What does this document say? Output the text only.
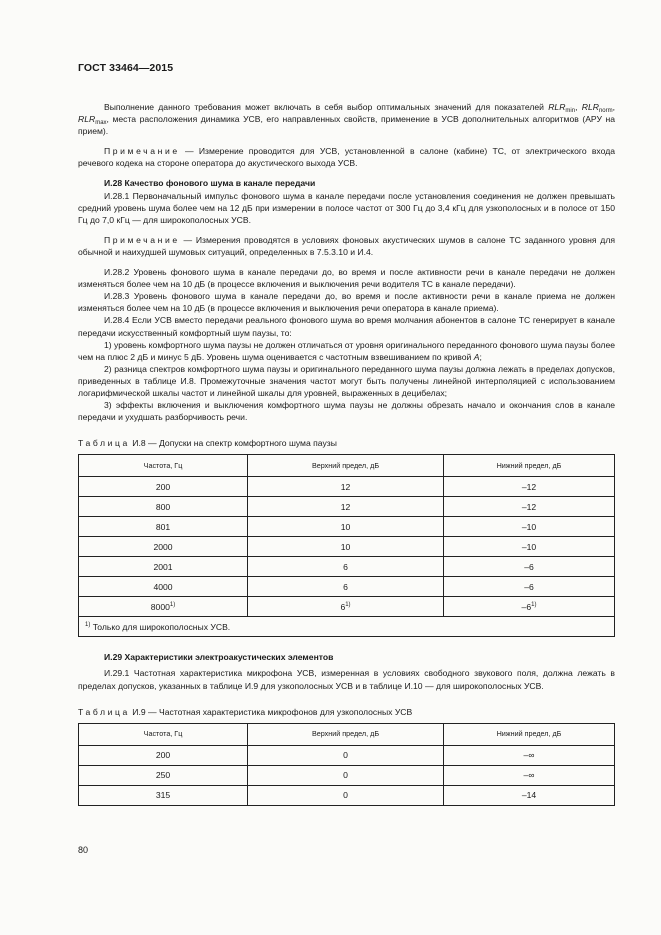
ГОСТ 33464—2015

Выполнение данного требования может включать в себя выбор оптимальных значений для показателей $RLR_{min}$, $RLR_{norm}$, $RLR_{max}$, места расположения динамика УСВ, его направленных свойств, применение в УСВ дополнительных алгоритмов (АРУ на прием).

Примечание — Измерение проводится для УСВ, установленной в салоне (кабине) ТС, от электрического входа речевого кодека на стороне оператора до акустического выхода УСВ.

И.28 Качество фонового шума в канале передачи

И.28.1 Первоначальный импульс фонового шума в канале передачи после установления соединения не должен превышать средний уровень шума более чем на 12 дБ при измерении в полосе частот от 300 Гц до 3,4 кГц для узкополосных и в полосе от 150 Гц до 7,0 кГц — для широкополосных УСВ.

Примечание — Измерения проводятся в условиях фоновых акустических шумов в салоне ТС заданного уровня для обычной и наихудшей шумовых ситуаций, определенных в 7.5.3.10 и И.4.

И.28.2 Уровень фонового шума в канале передачи до, во время и после активности речи в канале передачи не должен изменяться более чем на 10 дБ (в процессе включения и выключения речи водителя ТС в канале передачи).

И.28.3 Уровень фонового шума в канале передачи до, во время и после активности речи в канале приема не должен изменяться более чем на 10 дБ (в процессе включения и выключения речи оператора в канале приема).

И.28.4 Если УСВ вместо передачи реального фонового шума во время молчания абонентов в салоне ТС генерирует в канале передачи искусственный комфортный шум паузы, то:

1) уровень комфортного шума паузы не должен отличаться от уровня оригинального переданного фонового шума паузы более чем на плюс 2 дБ и минус 5 дБ. Уровень шума оценивается с частотным взвешиванием по кривой А;

2) разница спектров комфортного шума паузы и оригинального переданного шума паузы должна лежать в пределах допусков, приведенных в таблице И.8. Промежуточные значения частот могут быть получены линейной интерполяцией с использованием логарифмической шкалы частот и линейной шкалы для уровней, выраженных в децибелах;

3) эффекты включения и выключения комфортного шума паузы не должны обрезать начало и окончания слов в канале передачи и ухудшать разборчивость речи.

Таблица И.8 — Допуски на спектр комфортного шума паузы

Частота, Гц	Верхний предел, дБ	Нижний предел, дБ
200	12	–12
800	12	–12
801	10	–10
2000	10	–10
2001	6	–6
4000	6	–6
8000$^{1)}$	6$^{1)}$	–6$^{1)}$
$^{1)}$ Только для широкополосных УСВ.		

И.29 Характеристики электроакустических элементов

И.29.1 Частотная характеристика микрофона УСВ, измеренная в условиях свободного звукового поля, должна лежать в пределах допусков, указанных в таблице И.9 для узкополосных УСВ и в таблице И.10 — для широкополосных УСВ.

Таблица И.9 — Частотная характеристика микрофонов для узкополосных УСВ

Частота, Гц	Верхний предел, дБ	Нижний предел, дБ
200	0	–∞
250	0	–∞
315	0	–14
80
